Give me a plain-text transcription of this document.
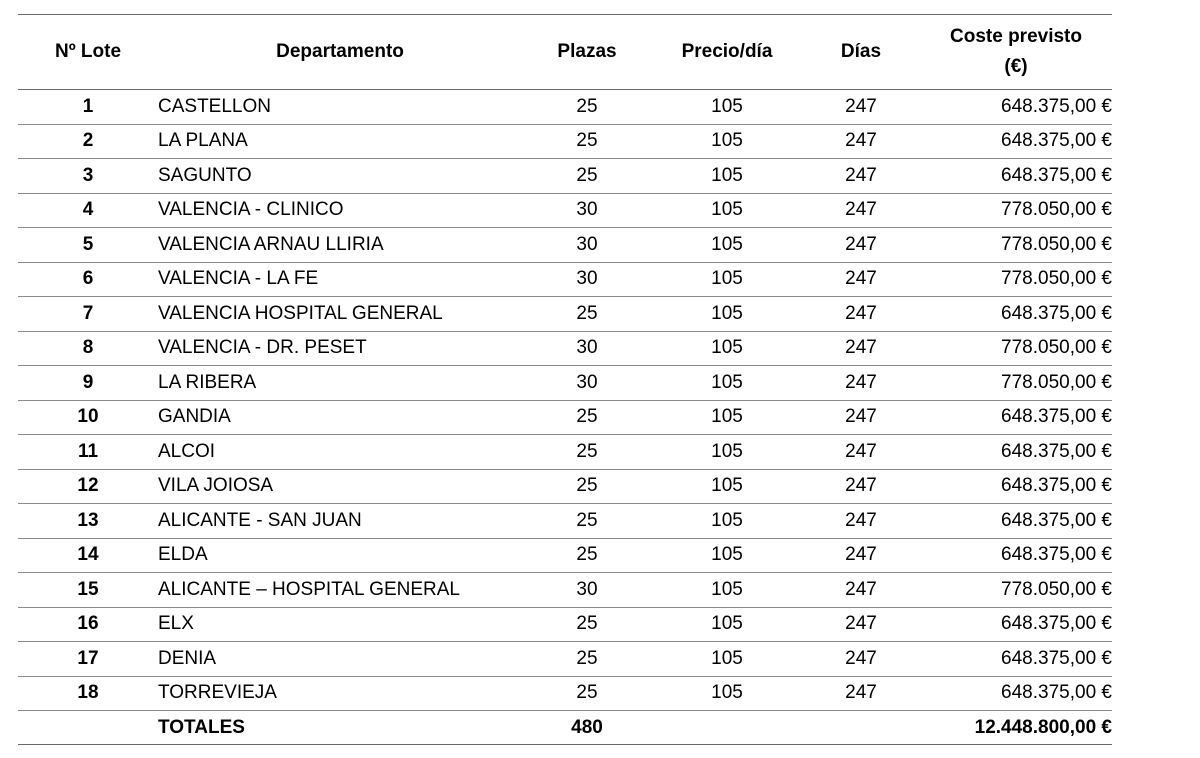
Nº Lote	Departamento	Plazas	Precio/día	Días	Coste previsto
(€)

1	CASTELLON	25	105	247	648.375,00 €
2	LA PLANA	25	105	247	648.375,00 €
3	SAGUNTO	25	105	247	648.375,00 €
4	VALENCIA - CLINICO	30	105	247	778.050,00 €
5	VALENCIA ARNAU LLIRIA	30	105	247	778.050,00 €
6	VALENCIA - LA FE	30	105	247	778.050,00 €
7	VALENCIA HOSPITAL GENERAL	25	105	247	648.375,00 €
8	VALENCIA - DR. PESET	30	105	247	778.050,00 €
9	LA RIBERA	30	105	247	778.050,00 €
10	GANDIA	25	105	247	648.375,00 €
11	ALCOI	25	105	247	648.375,00 €
12	VILA JOIOSA	25	105	247	648.375,00 €
13	ALICANTE - SAN JUAN	25	105	247	648.375,00 €
14	ELDA	25	105	247	648.375,00 €
15	ALICANTE – HOSPITAL GENERAL	30	105	247	778.050,00 €
16	ELX	25	105	247	648.375,00 €
17	DENIA	25	105	247	648.375,00 €
18	TORREVIEJA	25	105	247	648.375,00 €
	TOTALES	480			12.448.800,00 €
